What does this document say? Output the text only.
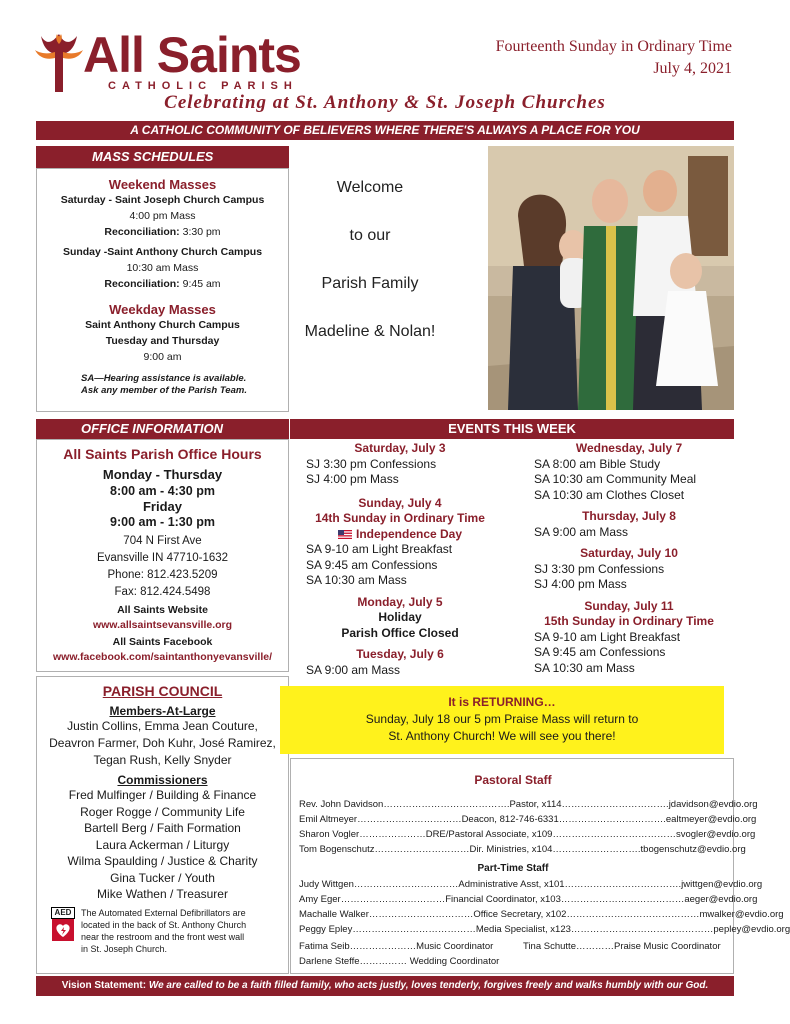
All Saints
CATHOLIC PARISH
Fourteenth Sunday in Ordinary Time
July 4, 2021
Celebrating at St. Anthony & St. Joseph Churches
A CATHOLIC COMMUNITY OF BELIEVERS WHERE THERE'S ALWAYS A PLACE FOR YOU
MASS SCHEDULES
Weekend Masses
Saturday - Saint Joseph Church Campus
4:00 pm Mass
Reconciliation: 3:30 pm
Sunday -Saint Anthony Church Campus
10:30 am Mass
Reconciliation: 9:45 am
Weekday Masses
Saint Anthony Church Campus
Tuesday and Thursday
9:00 am
SA—Hearing assistance is available.
Ask any member of the Parish Team.
Welcome
to our
Parish Family
Madeline & Nolan!
OFFICE INFORMATION
All Saints Parish Office Hours
Monday - Thursday
8:00 am - 4:30 pm
Friday
9:00 am - 1:30 pm
704 N First Ave
Evansville IN 47710-1632
Phone: 812.423.5209
Fax: 812.424.5498
All Saints Website
www.allsaintsevansville.org
All Saints Facebook
www.facebook.com/saintanthonyevansville/
EVENTS THIS WEEK
Saturday, July 3
SJ 3:30 pm Confessions
SJ 4:00 pm Mass
Sunday, July 4
14th Sunday in Ordinary Time
Independence Day
SA 9-10 am Light Breakfast
SA 9:45 am Confessions
SA 10:30 am Mass
Monday, July 5
Holiday
Parish Office Closed
Tuesday, July 6
SA 9:00 am Mass
Wednesday, July 7
SA 8:00 am Bible Study
SA 10:30 am Community Meal
SA 10:30 am Clothes Closet
Thursday, July 8
SA 9:00 am Mass
Saturday, July 10
SJ 3:30 pm Confessions
SJ 4:00 pm Mass
Sunday, July 11
15th Sunday in Ordinary Time
SA 9-10 am Light Breakfast
SA 9:45 am Confessions
SA 10:30 am Mass
PARISH COUNCIL
Members-At-Large
Justin Collins, Emma Jean Couture,
Deavron Farmer, Doh Kuhr, José Ramirez,
Tegan Rush, Kelly Snyder
Commissioners
Fred Mulfinger / Building & Finance
Roger Rogge / Community Life
Bartell Berg / Faith Formation
Laura Ackerman / Liturgy
Wilma Spaulding / Justice & Charity
Gina Tucker / Youth
Mike Wathen / Treasurer
AED	The Automated External Defibrillators are
located in the back of St. Anthony Church
near the restroom and the front west wall
in St. Joseph Church.
It is RETURNING…
Sunday, July 18 our 5 pm Praise Mass will return to
St. Anthony Church! We will see you there!
Pastoral Staff
Rev. John Davidson………………………………….Pastor, x114…………………………….jdavidson@evdio.org
Emil Altmeyer……………………………Deacon, 812-746-6331…………………………….ealtmeyer@evdio.org
Sharon Vogler…………………DRE/Pastoral Associate, x109…………………………………svogler@evdio.org
Tom Bogenschutz…………………………Dir. Ministries, x104……………………….tbogenschutz@evdio.org
Part-Time Staff
Judy Wittgen……………………………Administrative Asst, x101……………………………….jwittgen@evdio.org
Amy Eger……………………………Financial Coordinator, x103…………………………………aeger@evdio.org
Machalle Walker……………………………Office Secretary, x102……………………………………mwalker@evdio.org
Peggy Epley…………………………………Media Specialist, x123………………………………………pepley@evdio.org
Fatima Seib…………………Music Coordinator	Tina Schutte…………Praise Music Coordinator
Darlene Steffe…………… Wedding Coordinator
Vision Statement: We are called to be a faith filled family, who acts justly, loves tenderly, forgives freely and walks humbly with our God.
